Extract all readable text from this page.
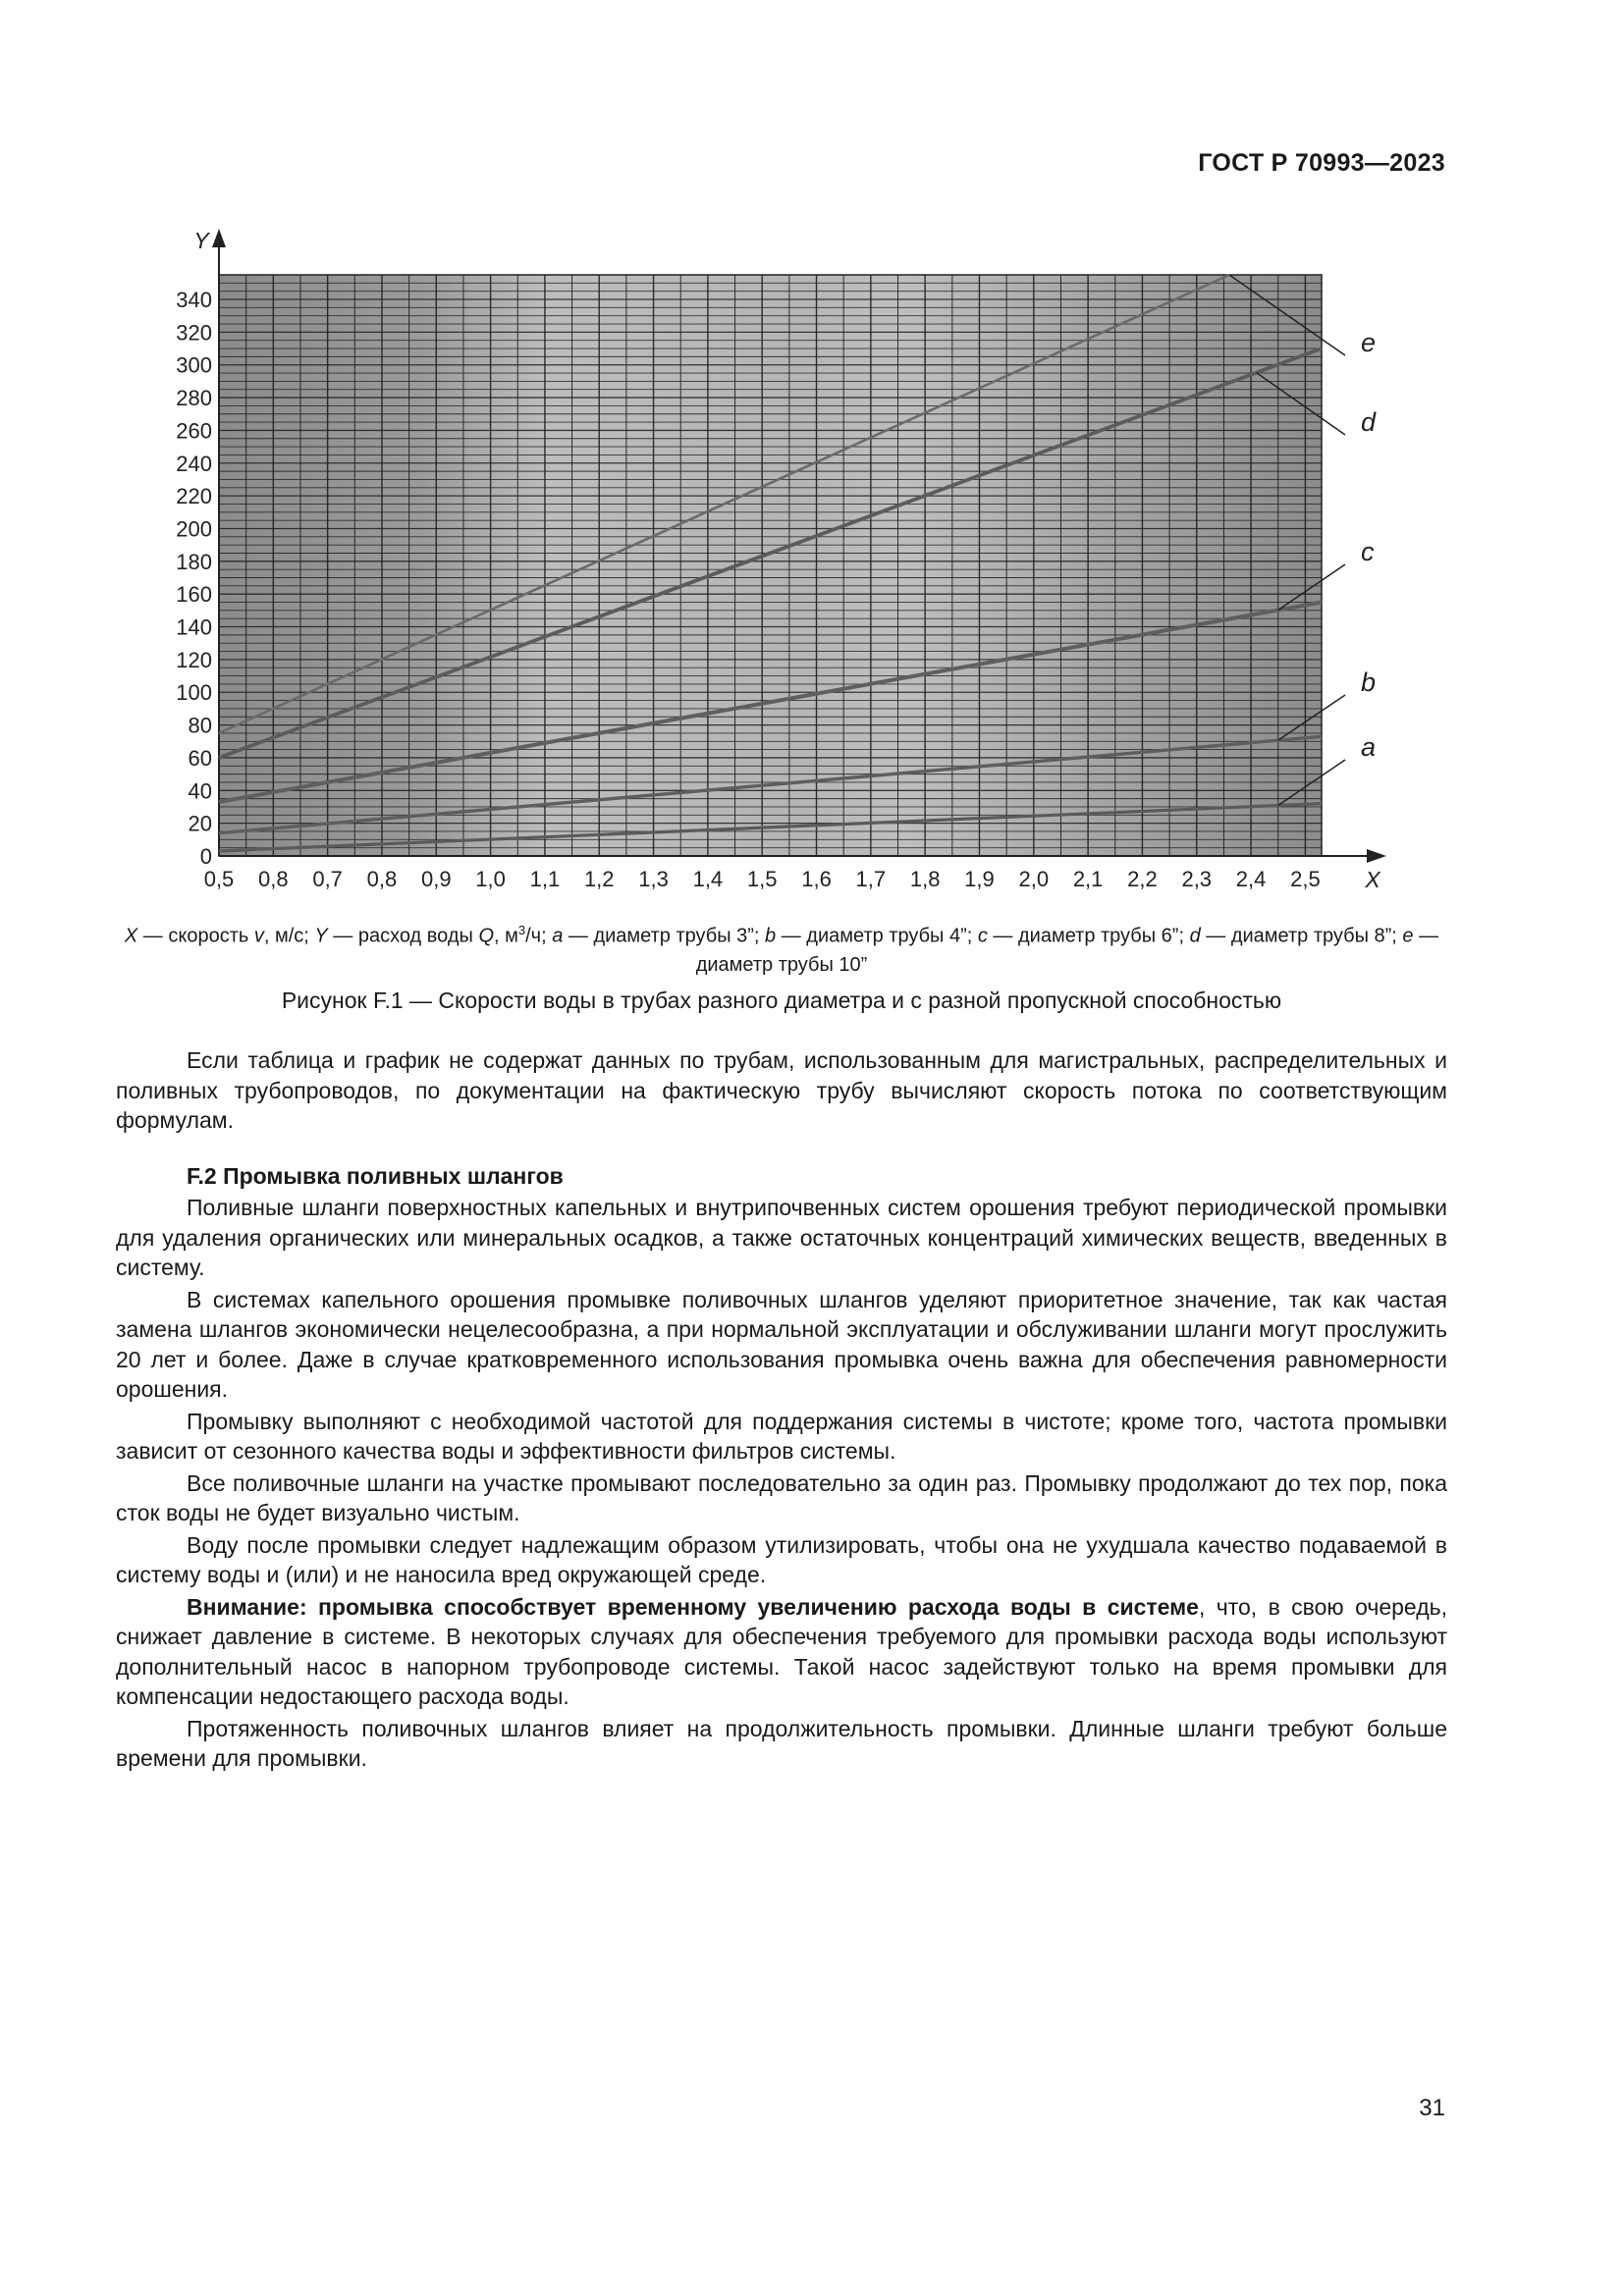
ГОСТ Р 70993—2023
Y
X
0
20
40
60
80
100
120
140
160
180
200
220
240
260
280
300
320
340
0,5 0,8 0,7 0,8 0,9 1,0 1,1 1,2 1,3 1,4 1,5 1,6 1,7 1,8 1,9 2,0 2,1 2,2 2,3 2,4 2,5
e
d
c
b
a
X — скорость v, м/с; Y — расход воды Q, $м^3/ч$; a — диаметр трубы 3”; b — диаметр трубы 4”; c — диаметр трубы 6”; d — диаметр трубы 8”; e — диаметр трубы 10”
Рисунок F.1 — Скорости воды в трубах разного диаметра и с разной пропускной способностью

Если таблица и график не содержат данных по трубам, использованным для магистральных, распределительных и поливных трубопроводов, по документации на фактическую трубу вычисляют скорость потока по соответствующим формулам.

F.2 Промывка поливных шлангов

Поливные шланги поверхностных капельных и внутрипочвенных систем орошения требуют периодической промывки для удаления органических или минеральных осадков, а также остаточных концентраций химических веществ, введенных в систему.

В системах капельного орошения промывке поливочных шлангов уделяют приоритетное значение, так как частая замена шлангов экономически нецелесообразна, а при нормальной эксплуатации и обслуживании шланги могут прослужить 20 лет и более. Даже в случае кратковременного использования промывка очень важна для обеспечения равномерности орошения.

Промывку выполняют с необходимой частотой для поддержания системы в чистоте; кроме того, частота промывки зависит от сезонного качества воды и эффективности фильтров системы.

Все поливочные шланги на участке промывают последовательно за один раз. Промывку продолжают до тех пор, пока сток воды не будет визуально чистым.

Воду после промывки следует надлежащим образом утилизировать, чтобы она не ухудшала качество подаваемой в систему воды и (или) и не наносила вред окружающей среде.

Внимание: промывка способствует временному увеличению расхода воды в системе, что, в свою очередь, снижает давление в системе. В некоторых случаях для обеспечения требуемого для промывки расхода воды используют дополнительный насос в напорном трубопроводе системы. Такой насос задействуют только на время промывки для компенсации недостающего расхода воды.

Протяженность поливочных шлангов влияет на продолжительность промывки. Длинные шланги требуют больше времени для промывки.

31
